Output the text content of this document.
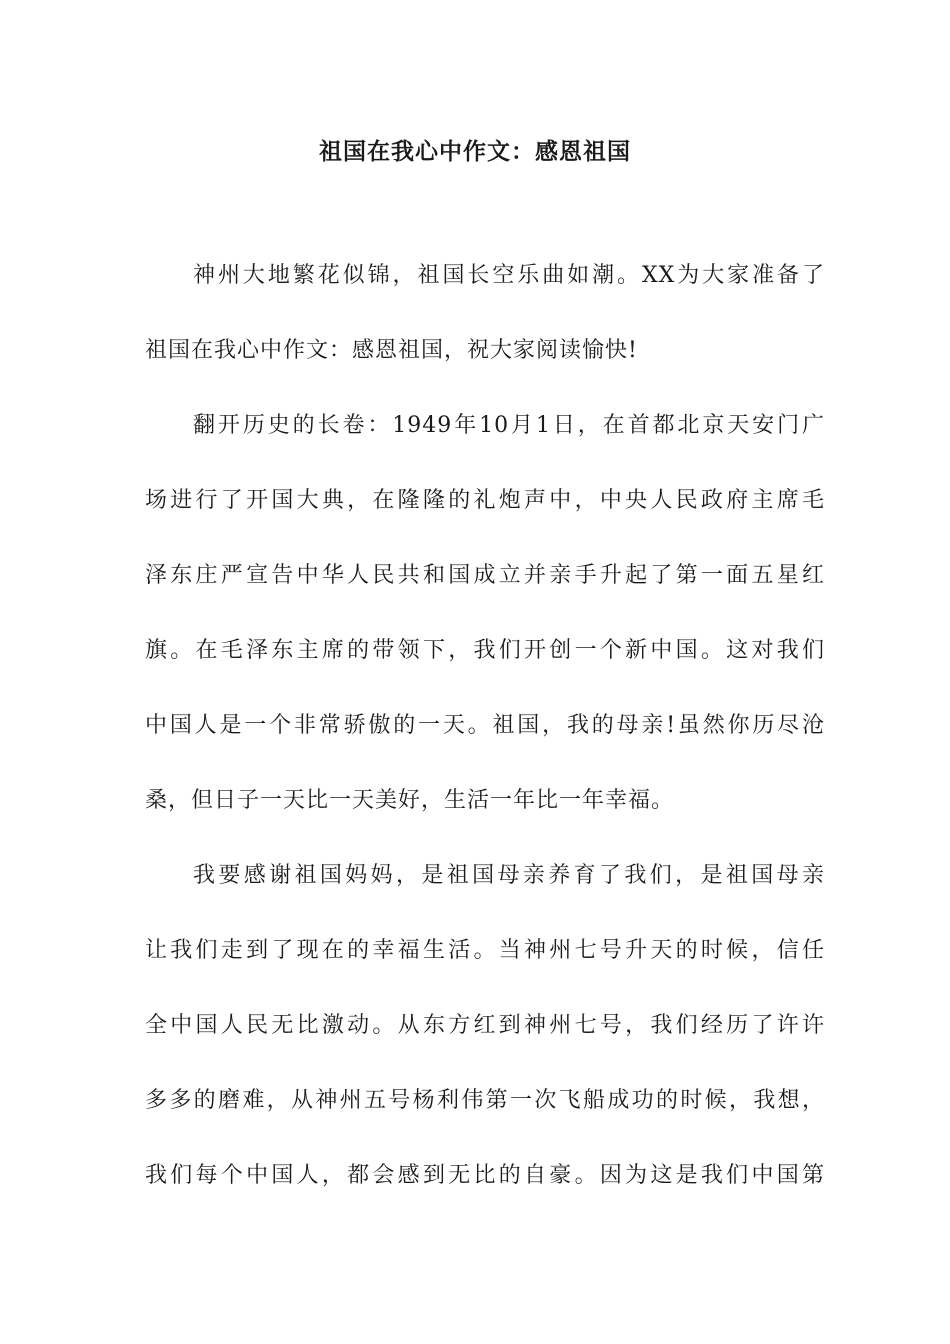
祖国在我心中作文：感恩祖国
神州大地繁花似锦，祖国长空乐曲如潮。XX为大家准备了
祖国在我心中作文：感恩祖国，祝大家阅读愉快!
翻开历史的长卷：1949年10月1日，在首都北京天安门广
场进行了开国大典，在隆隆的礼炮声中，中央人民政府主席毛
泽东庄严宣告中华人民共和国成立并亲手升起了第一面五星红
旗。在毛泽东主席的带领下，我们开创一个新中国。这对我们
中国人是一个非常骄傲的一天。祖国，我的母亲!虽然你历尽沧
桑，但日子一天比一天美好，生活一年比一年幸福。
我要感谢祖国妈妈，是祖国母亲养育了我们，是祖国母亲
让我们走到了现在的幸福生活。当神州七号升天的时候，信任
全中国人民无比激动。从东方红到神州七号，我们经历了许许
多多的磨难，从神州五号杨利伟第一次飞船成功的时候，我想，
我们每个中国人，都会感到无比的自豪。因为这是我们中国第
